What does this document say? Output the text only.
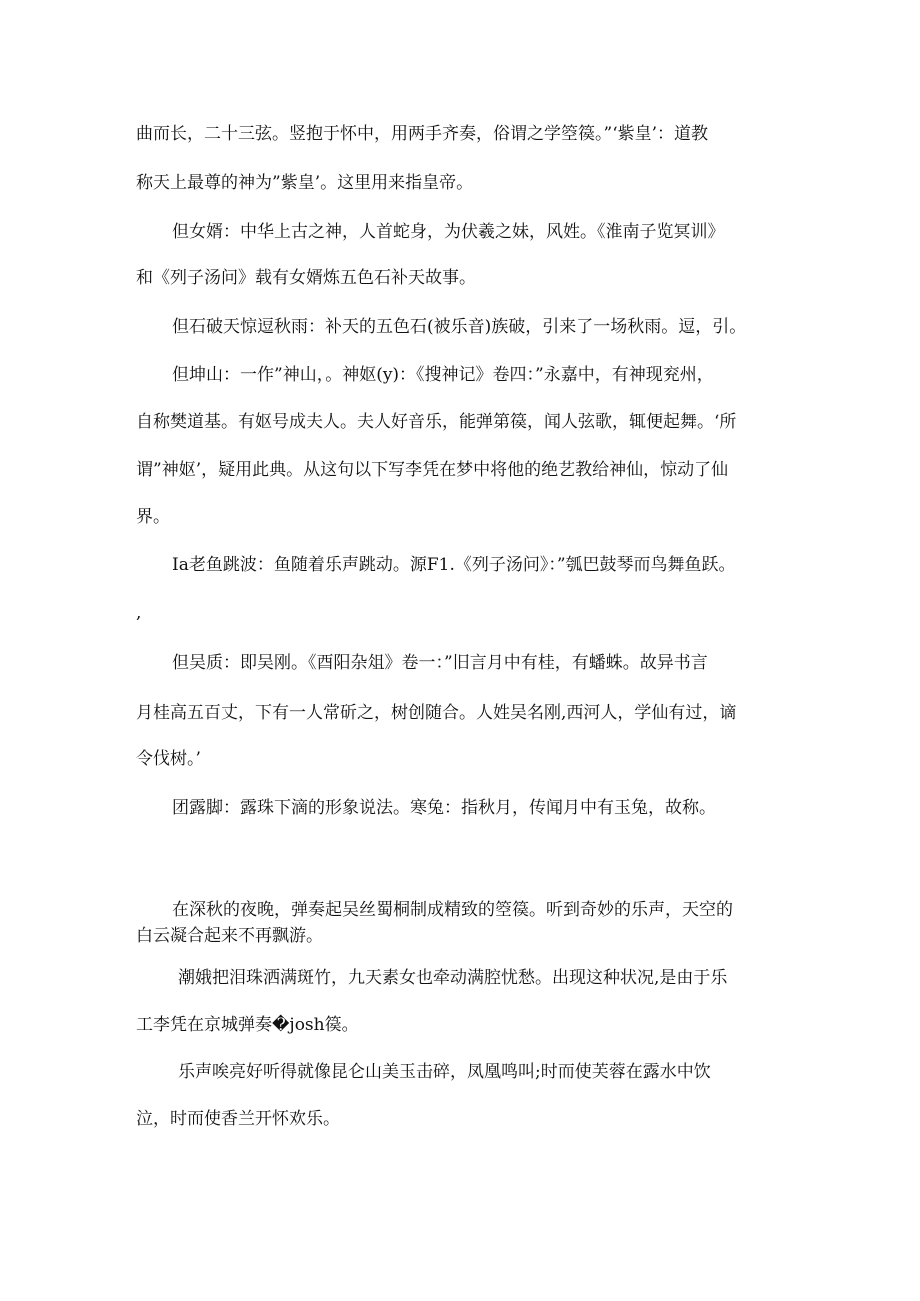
曲而长，二十三弦。竖抱于怀中，用两手齐奏，俗谓之学箜篌。”‘紫皇’：道教
称天上最尊的神为”紫皇’。这里用来指皇帝。
但女婿：中华上古之神，人首蛇身，为伏羲之妹，风姓。《淮南子览冥训》
和《列子汤问》载有女婿炼五色石补天故事。
但石破天惊逗秋雨：补天的五色石(被乐音)族破，引来了一场秋雨。逗，引。
但坤山：一作”神山，。神妪(y)：《搜神记》卷四：”永嘉中，有神现兖州，
自称樊道基。有妪号成夫人。夫人好音乐，能弹第篌，闻人弦歌，辄便起舞。‘所
谓”神妪’，疑用此典。从这句以下写李凭在梦中将他的绝艺教给神仙，惊动了仙
界。
Ia老鱼跳波：鱼随着乐声跳动。源F1.《列子汤问》：”瓠巴鼓琴而鸟舞鱼跃。
,
但吴质：即吴刚。《酉阳杂俎》卷一：”旧言月中有桂，有蟠蛛。故异书言
月桂高五百丈，下有一人常斫之，树创随合。人姓吴名刚,西河人，学仙有过，谪
令伐树。’
团露脚：露珠下滴的形象说法。寒兔：指秋月，传闻月中有玉兔，故称。
在深秋的夜晚，弹奏起吴丝蜀桐制成精致的箜篌。听到奇妙的乐声，天空的
白云凝合起来不再飘游。
潮娥把泪珠洒满斑竹，九天素女也牵动满腔忧愁。出现这种状况,是由于乐
工李凭在京城弹奏�josh篌。
乐声唉亮好听得就像昆仑山美玉击碎，凤凰鸣叫;时而使芙蓉在露水中饮
泣，时而使香兰开怀欢乐。
